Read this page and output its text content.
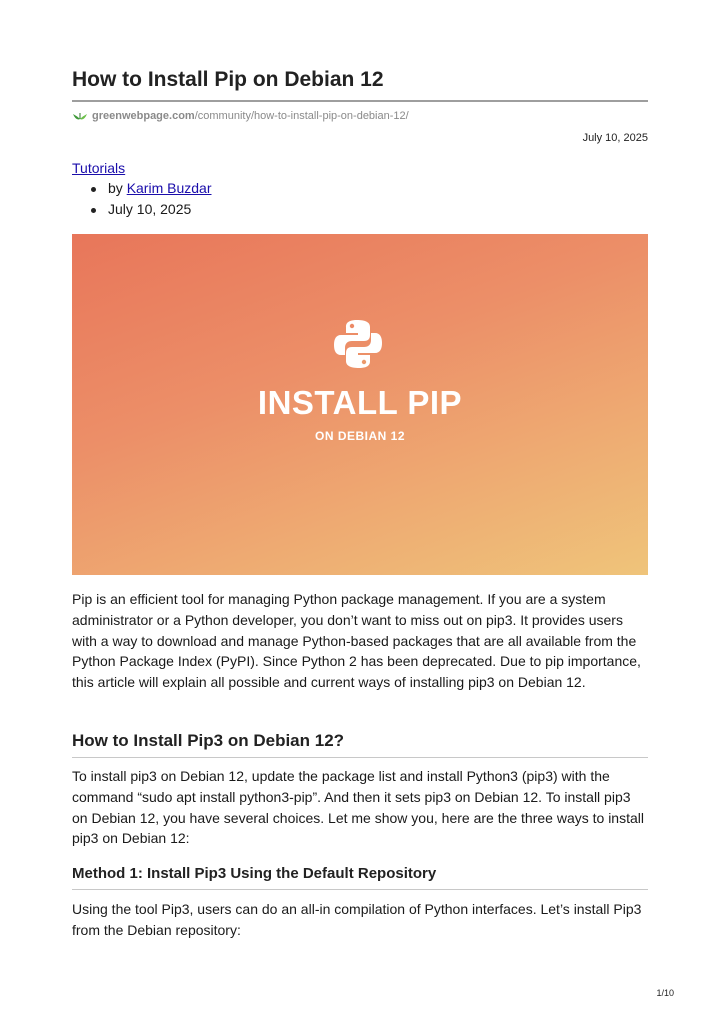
How to Install Pip on Debian 12
greenwebpage.com/community/how-to-install-pip-on-debian-12/
July 10, 2025
Tutorials
by Karim Buzdar
July 10, 2025
INSTALL PIP
ON DEBIAN 12

Pip is an efficient tool for managing Python package management. If you are a system administrator or a Python developer, you don’t want to miss out on pip3. It provides users with a way to download and manage Python-based packages that are all available from the Python Package Index (PyPI). Since Python 2 has been deprecated. Due to pip importance, this article will explain all possible and current ways of installing pip3 on Debian 12.

How to Install Pip3 on Debian 12?

To install pip3 on Debian 12, update the package list and install Python3 (pip3) with the command “sudo apt install python3-pip”. And then it sets pip3 on Debian 12. To install pip3 on Debian 12, you have several choices. Let me show you, here are the three ways to install pip3 on Debian 12:

Method 1: Install Pip3 Using the Default Repository

Using the tool Pip3, users can do an all-in compilation of Python interfaces. Let’s install Pip3 from the Debian repository:

1/10
